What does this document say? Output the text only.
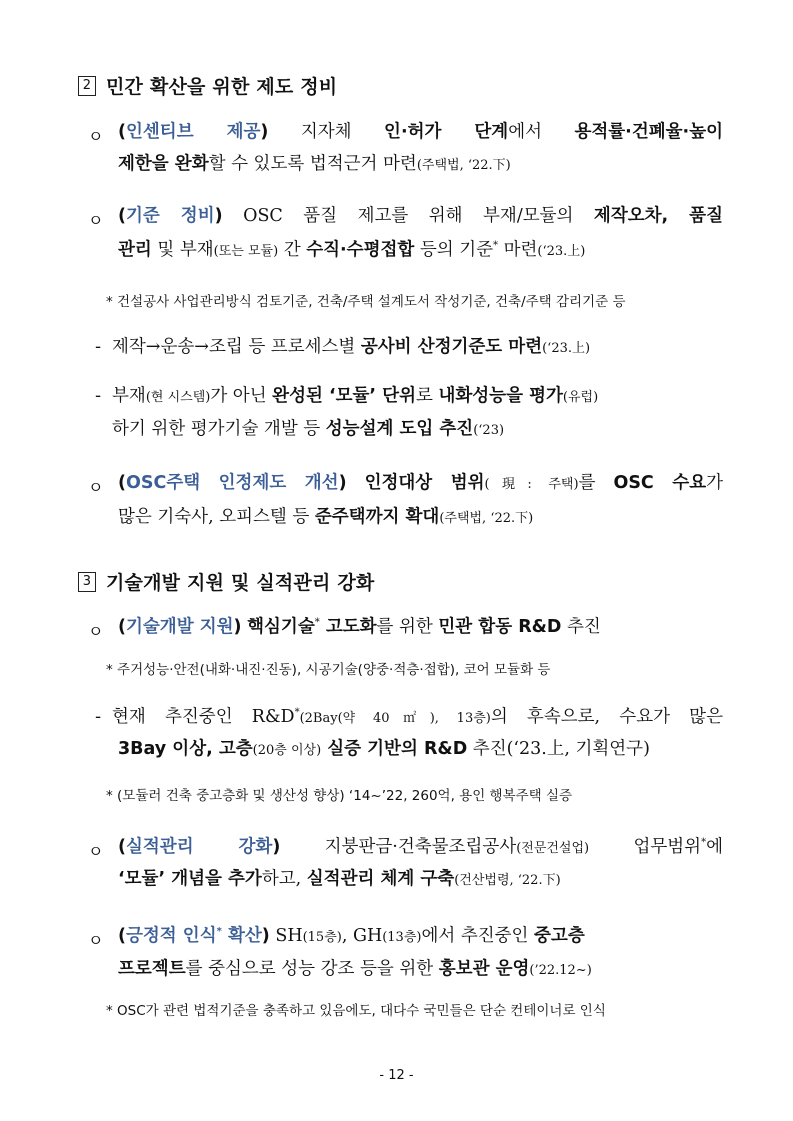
2 민간 확산을 위한 제도 정비
ㅇ (인센티브 제공) 지자체 인·허가 단계에서 용적률·건폐율·높이
제한을 완화할 수 있도록 법적근거 마련(주택법, ‘22.下)
ㅇ (기준 정비) OSC 품질 제고를 위해 부재/모듈의 제작오차, 품질
관리 및 부재(또는 모듈) 간 수직·수평접합 등의 기준* 마련(‘23.上)
* 건설공사 사업관리방식 검토기준, 건축/주택 설계도서 작성기준, 건축/주택 감리기준 등
- 제작→운송→조립 등 프로세스별 공사비 산정기준도 마련(‘23.上)
- 부재(현 시스템)가 아닌 완성된 ‘모듈’ 단위로 내화성능을 평가(유럽)
하기 위한 평가기술 개발 등 성능설계 도입 추진(‘23)
ㅇ (OSC주택 인정제도 개선) 인정대상 범위(現: 주택)를 OSC 수요가
많은 기숙사, 오피스텔 등 준주택까지 확대(주택법, ‘22.下)
3 기술개발 지원 및 실적관리 강화
ㅇ (기술개발 지원) 핵심기술* 고도화를 위한 민관 합동 R&D 추진
* 주거성능·안전(내화·내진·진동), 시공기술(양중·적층·접합), 코어 모듈화 등
- 현재 추진중인 R&D*(2Bay(약 40㎡), 13층)의 후속으로, 수요가 많은
3Bay 이상, 고층(20층 이상) 실증 기반의 R&D 추진(‘23.上, 기획연구)
* (모듈러 건축 중고층화 및 생산성 향상) ‘14~’22, 260억, 용인 행복주택 실증
ㅇ (실적관리 강화)	지붕판금·건축물조립공사(전문건설업) 업무범위*에
‘모듈’ 개념을 추가하고, 실적관리 체계 구축(건산법령, ‘22.下)
ㅇ (긍정적 인식* 확산) SH(15층), GH(13층)에서 추진중인 중고층
프로젝트를 중심으로 성능 강조 등을 위한 홍보관 운영(’22.12~)
* OSC가 관련 법적기준을 충족하고 있음에도, 대다수 국민들은 단순 컨테이너로 인식
- 12 -
